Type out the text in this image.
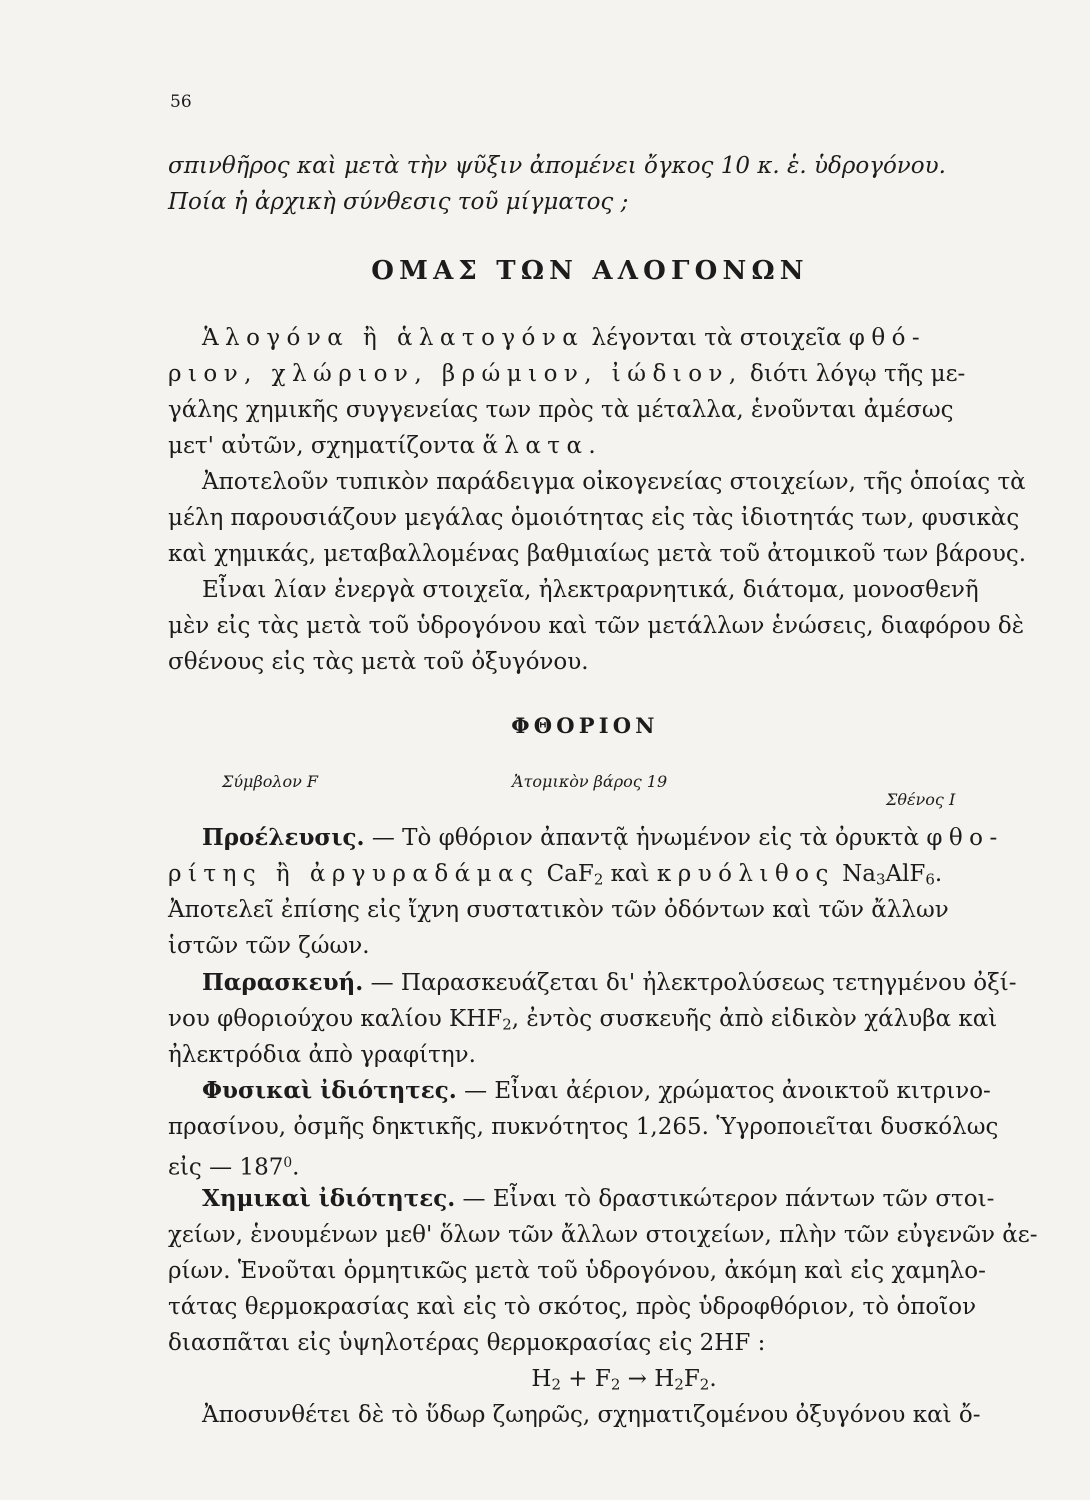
56
σπινθῆρος καὶ μετὰ τὴν ψῦξιν ἀπομένει ὄγκος 10 κ. ἑ. ὑδρογόνου.
Ποία ἡ ἀρχικὴ σύνθεσις τοῦ μίγματος ;
ΟΜΑΣ ΤΩΝ ΑΛΟΓΟΝΩΝ
Ἁλογόνα ἢ ἁλατογόνα λέγονται τὰ στοιχεῖα φθό-
ριον, χλώριον, βρώμιον, ἰώδιον, διότι λόγῳ τῆς με-
γάλης χημικῆς συγγενείας των πρὸς τὰ μέταλλα, ἑνοῦνται ἀμέσως
μετ' αὐτῶν, σχηματίζοντα ἅλατα.
Ἀποτελοῦν τυπικὸν παράδειγμα οἰκογενείας στοιχείων, τῆς ὁποίας τὰ
μέλη παρουσιάζουν μεγάλας ὁμοιότητας εἰς τὰς ἰδιοτητάς των, φυσικὰς
καὶ χημικάς, μεταβαλλομένας βαθμιαίως μετὰ τοῦ ἀτομικοῦ των βάρους.
Εἶναι λίαν ἐνεργὰ στοιχεῖα, ἠλεκτραρνητικά, διάτομα, μονοσθενῆ
μὲν εἰς τὰς μετὰ τοῦ ὑδρογόνου καὶ τῶν μετάλλων ἑνώσεις, διαφόρου δὲ
σθένους εἰς τὰς μετὰ τοῦ ὀξυγόνου.
ΦΘΟΡΙΟΝ
Σύμβολον F	Ἀτομικὸν βάρος 19
Σθένος I
Προέλευσις. — Τὸ φθόριον ἀπαντᾷ ἡνωμένον εἰς τὰ ὀρυκτὰ φθο-
ρίτης ἢ ἀργυραδάμας CaF$_2$ καὶ κρυόλιθος $Na_3AlF_6$.
Ἀποτελεῖ ἐπίσης εἰς ἴχνη συστατικὸν τῶν ὀδόντων καὶ τῶν ἄλλων
ἱστῶν τῶν ζώων.
Παρασκευή. — Παρασκευάζεται δι' ἠλεκτρολύσεως τετηγμένου ὀξί-
νου φθοριούχου καλίου $KHF_2$, ἐντὸς συσκευῆς ἀπὸ εἰδικὸν χάλυβα καὶ
ἠλεκτρόδια ἀπὸ γραφίτην.
Φυσικαὶ ἰδιότητες. — Εἶναι ἀέριον, χρώματος ἀνοικτοῦ κιτρινο-
πρασίνου, ὀσμῆς δηκτικῆς, πυκνότητος 1,265. Ὑγροποιεῖται δυσκόλως
εἰς — $187^0$.
Χημικαὶ ἰδιότητες. — Εἶναι τὸ δραστικώτερον πάντων τῶν στοι-
χείων, ἑνουμένων μεθ' ὅλων τῶν ἄλλων στοιχείων, πλὴν τῶν εὐγενῶν ἀε-
ρίων. Ἑνοῦται ὁρμητικῶς μετὰ τοῦ ὑδρογόνου, ἀκόμη καὶ εἰς χαμηλο-
τάτας θερμοκρασίας καὶ εἰς τὸ σκότος, πρὸς ὑδροφθόριον, τὸ ὁποῖον
διασπᾶται εἰς ὑψηλοτέρας θερμοκρασίας εἰς 2HF :
$H_2 + F_2 \to H_2F_2$.
Ἀποσυνθέτει δὲ τὸ ὕδωρ ζωηρῶς, σχηματιζομένου ὀξυγόνου καὶ ὄ-
